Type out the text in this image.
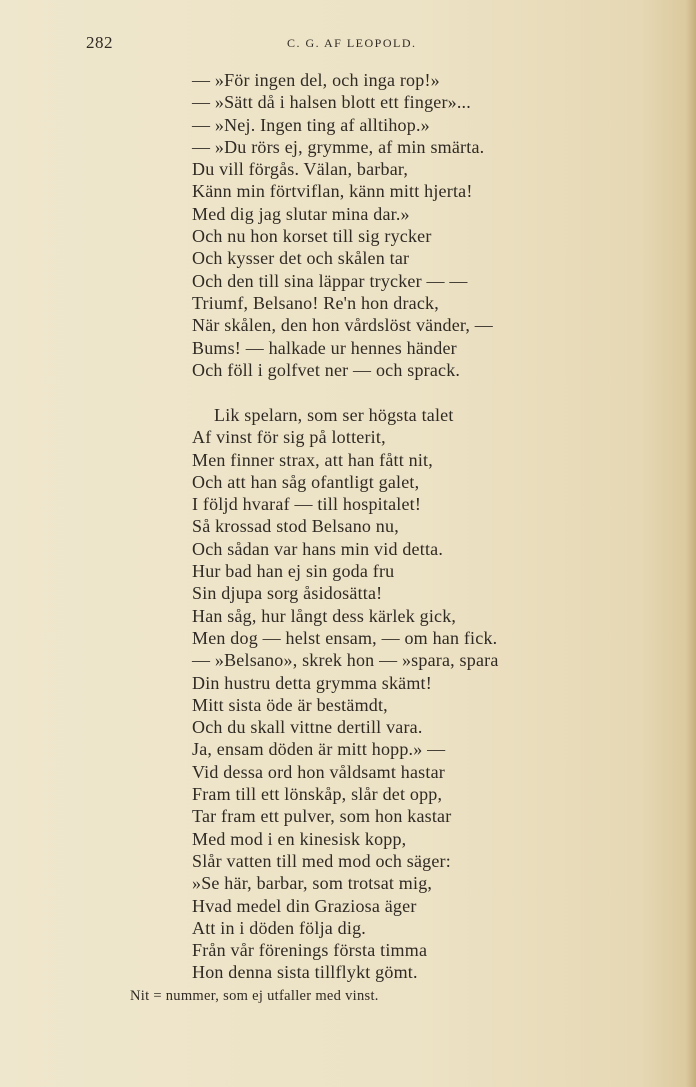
282	C. G. AF LEOPOLD.
— »För ingen del, och inga rop!»
— »Sätt då i halsen blott ett finger»...
— »Nej. Ingen ting af alltihop.»
— »Du rörs ej, grymme, af min smärta.
Du vill förgås. Välan, barbar,
Känn min förtviflan, känn mitt hjerta!
Med dig jag slutar mina dar.»
Och nu hon korset till sig rycker
Och kysser det och skålen tar
Och den till sina läppar trycker — —
Triumf, Belsano! Re'n hon drack,
När skålen, den hon vårdslöst vänder, —
Bums! — halkade ur hennes händer
Och föll i golfvet ner — och sprack.
Lik spelarn, som ser högsta talet
Af vinst för sig på lotterit,
Men finner strax, att han fått nit,
Och att han såg ofantligt galet,
I följd hvaraf — till hospitalet!
Så krossad stod Belsano nu,
Och sådan var hans min vid detta.
Hur bad han ej sin goda fru
Sin djupa sorg åsidosätta!
Han såg, hur långt dess kärlek gick,
Men dog — helst ensam, — om han fick.
— »Belsano», skrek hon — »spara, spara
Din hustru detta grymma skämt!
Mitt sista öde är bestämdt,
Och du skall vittne dertill vara.
Ja, ensam döden är mitt hopp.» —
Vid dessa ord hon våldsamt hastar
Fram till ett lönskåp, slår det opp,
Tar fram ett pulver, som hon kastar
Med mod i en kinesisk kopp,
Slår vatten till med mod och säger:
»Se här, barbar, som trotsat mig,
Hvad medel din Graziosa äger
Att in i döden följa dig.
Från vår förenings första timma
Hon denna sista tillflykt gömt.
Nit = nummer, som ej utfaller med vinst.
